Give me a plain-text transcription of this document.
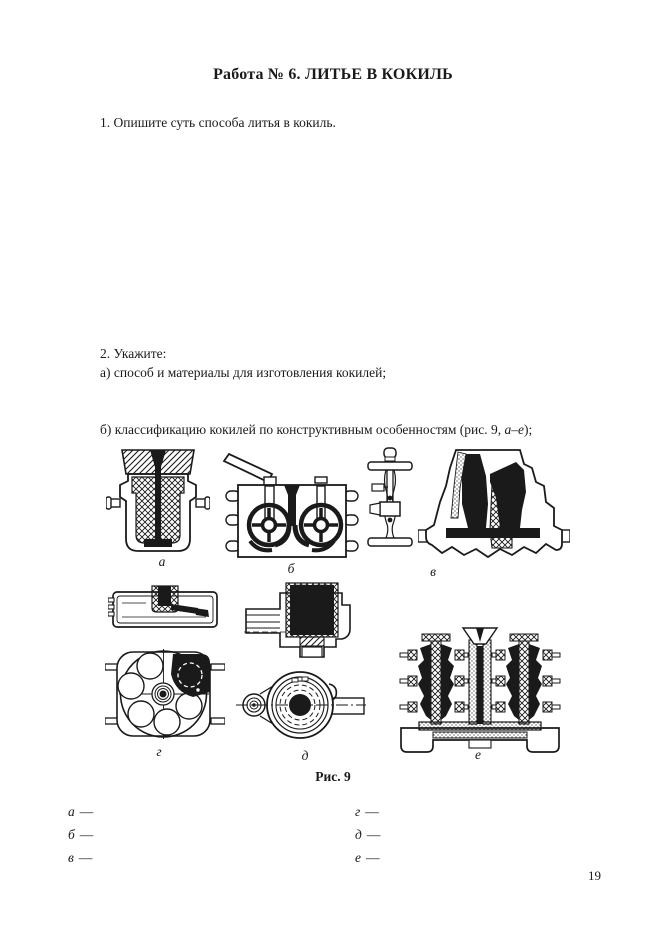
Работа № 6. ЛИТЬЕ В КОКИЛЬ
1. Опишите суть способа литья в кокиль.
2. Укажите:
а) способ и материалы для изготовления кокилей;
б) классификацию кокилей по конструктивным особенностям (рис. 9, а–е);
а	б	в
г	д	е
Рис. 9
а —
б —
в —
г —
д —
е —
19
